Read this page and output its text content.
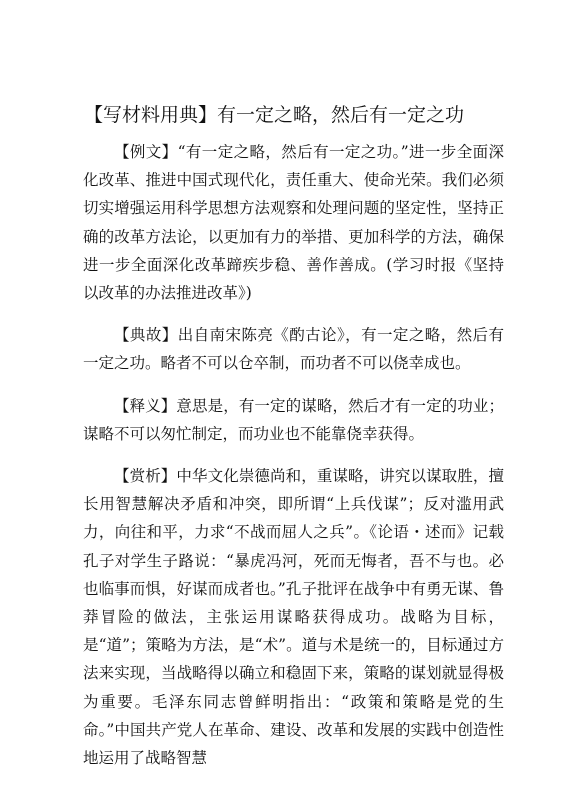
【写材料用典】有一定之略，然后有一定之功

【例文】“有一定之略，然后有一定之功。”进一步全面深化改革、推进中国式现代化，责任重大、使命光荣。我们必须切实增强运用科学思想方法观察和处理问题的坚定性，坚持正确的改革方法论，以更加有力的举措、更加科学的方法，确保进一步全面深化改革蹄疾步稳、善作善成。(学习时报《坚持以改革的办法推进改革》)

【典故】出自南宋陈亮《酌古论》，有一定之略，然后有一定之功。略者不可以仓卒制，而功者不可以侥幸成也。

【释义】意思是，有一定的谋略，然后才有一定的功业；谋略不可以匆忙制定，而功业也不能靠侥幸获得。

【赏析】中华文化崇德尚和，重谋略，讲究以谋取胜，擅长用智慧解决矛盾和冲突，即所谓“上兵伐谋”；反对滥用武力，向往和平，力求“不战而屈人之兵”。《论语・述而》记载孔子对学生子路说：“暴虎冯河，死而无悔者，吾不与也。必也临事而惧，好谋而成者也。”孔子批评在战争中有勇无谋、鲁莽冒险的做法，主张运用谋略获得成功。战略为目标，是“道”；策略为方法，是“术”。道与术是统一的，目标通过方法来实现，当战略得以确立和稳固下来，策略的谋划就显得极为重要。毛泽东同志曾鲜明指出：“政策和策略是党的生命。”中国共产党人在革命、建设、改革和发展的实践中创造性地运用了战略智慧
